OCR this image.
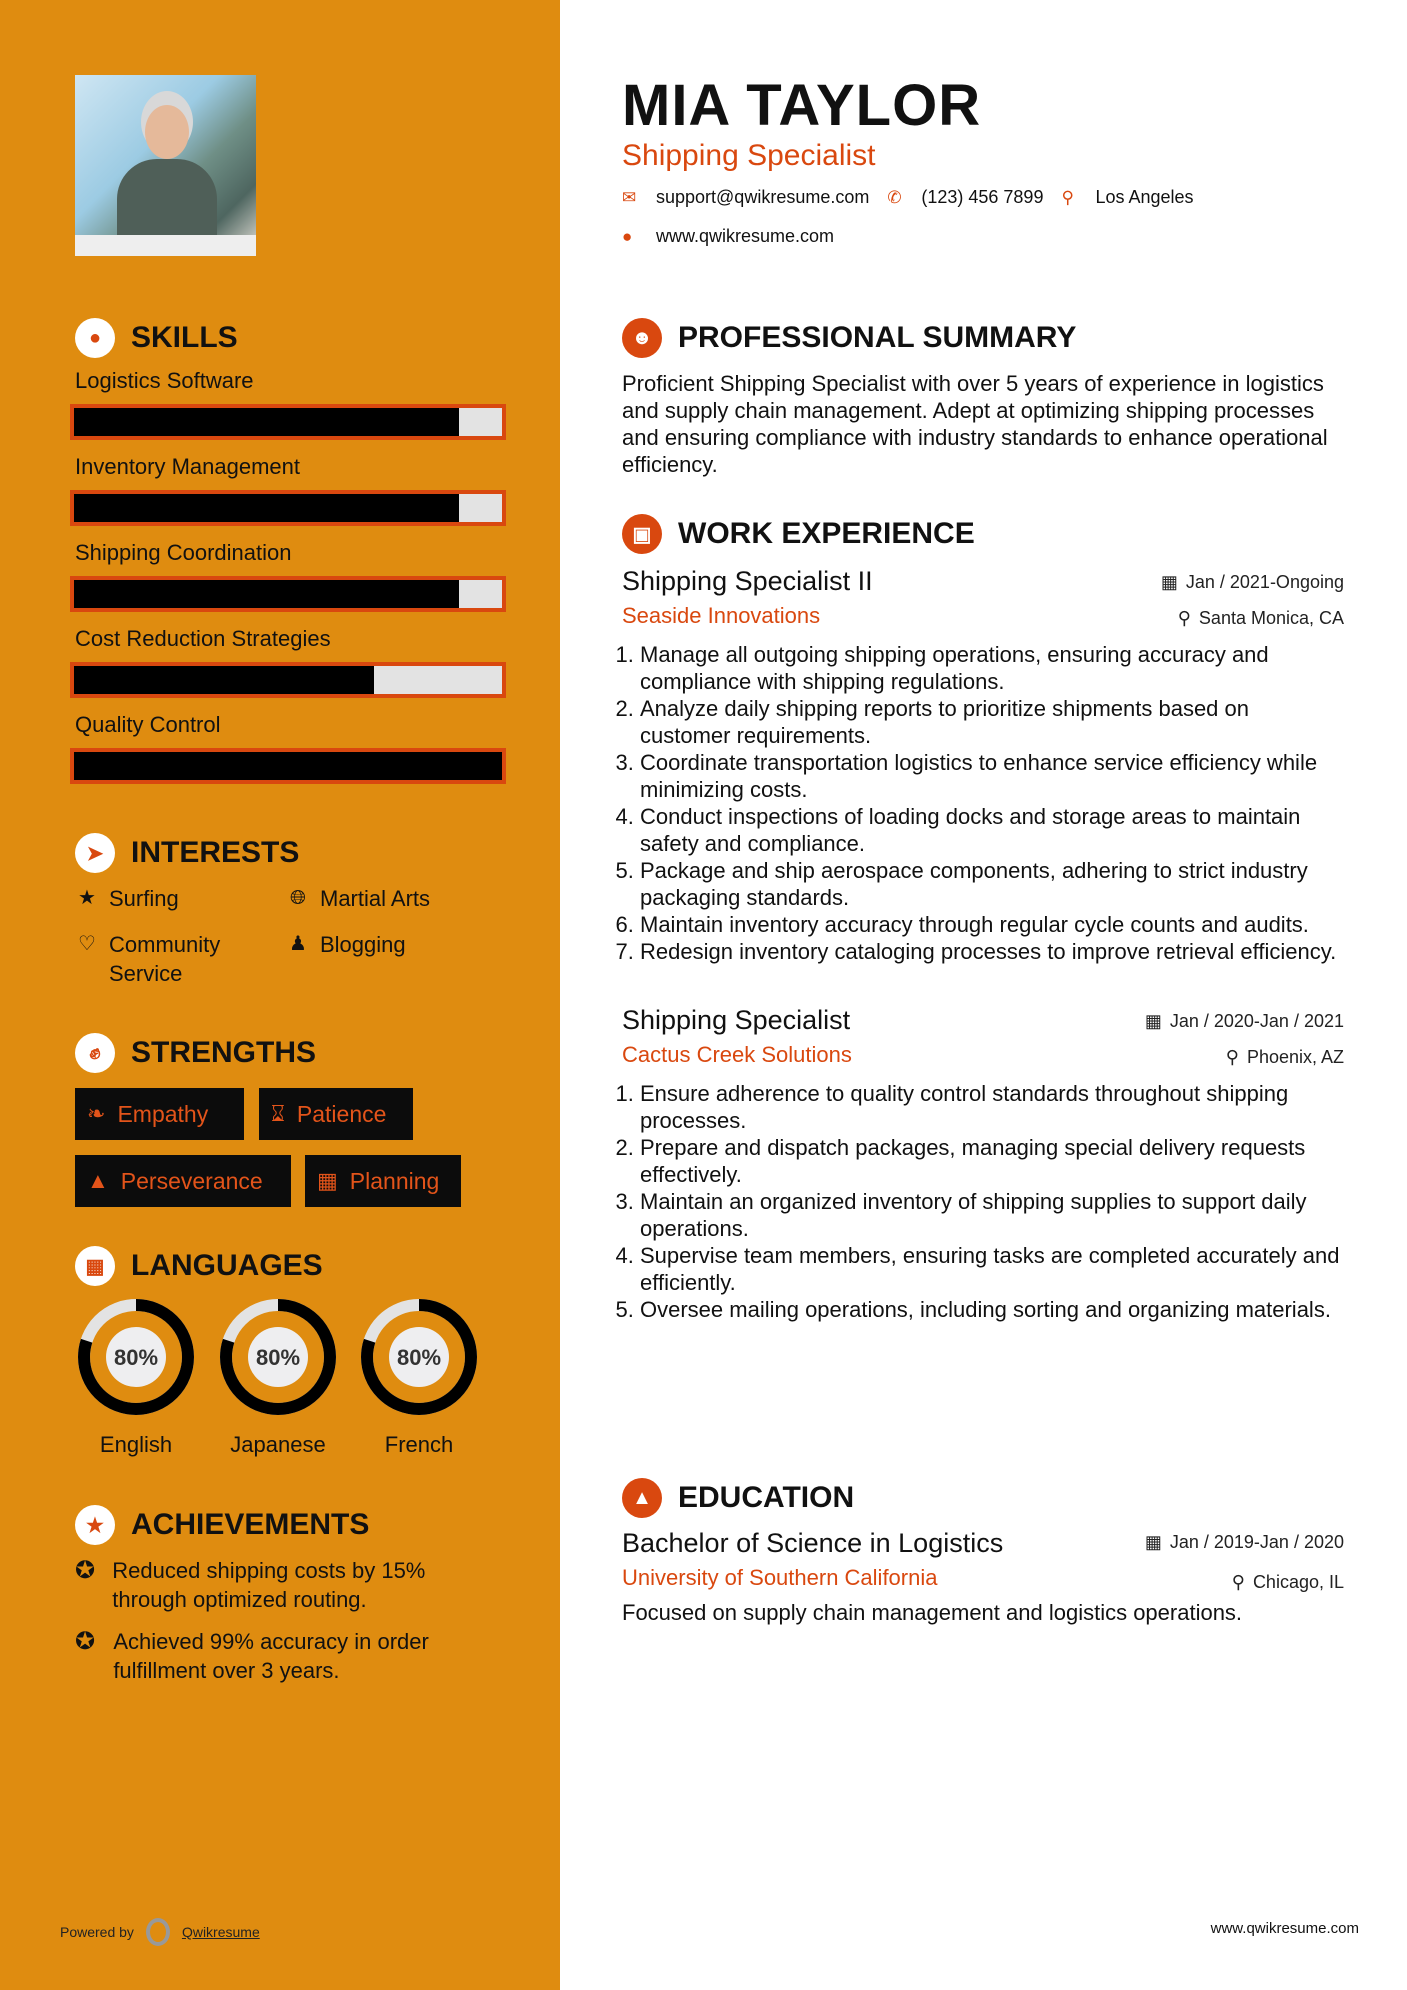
● SKILLS
Logistics Software
Inventory Management
Shipping Coordination
Cost Reduction Strategies
Quality Control
➤ INTERESTS
★ Surfing	🌐︎ Martial Arts
♡ Community Service
♟ Blogging
✊︎	STRENGTHS
❧ Empathy	⌛︎ Patience
▲ Perseverance ▦ Planning
▦ LANGUAGES
80%
English
80%
Japanese
80%
French
★ ACHIEVEMENTS
✪ Reduced shipping costs by 15% through optimized routing.
✪ Achieved 99% accuracy in order fulfillment over 3 years.
Powered by	Qwikresume
MIA TAYLOR
Shipping Specialist
✉	support@qwikresume.com ✆	(123) 456 7899 ⚲	Los Angeles
●	www.qwikresume.com
☻ PROFESSIONAL SUMMARY

Proficient Shipping Specialist with over 5 years of experience in logistics and supply chain management. Adept at optimizing shipping processes and ensuring compliance with industry standards to enhance operational efficiency.

▣ WORK EXPERIENCE
Shipping Specialist II
Seaside Innovations
▦ Jan / 2021-Ongoing
⚲ Santa Monica, CA
1. Manage all outgoing shipping operations, ensuring accuracy and compliance with shipping regulations.
2. Analyze daily shipping reports to prioritize shipments based on customer requirements.
3. Coordinate transportation logistics to enhance service efficiency while minimizing costs.
4. Conduct inspections of loading docks and storage areas to maintain safety and compliance.
5. Package and ship aerospace components, adhering to strict industry packaging standards.
6. Maintain inventory accuracy through regular cycle counts and audits.
7. Redesign inventory cataloging processes to improve retrieval efficiency.
Shipping Specialist
Cactus Creek Solutions
▦ Jan / 2020-Jan / 2021
⚲ Phoenix, AZ
1. Ensure adherence to quality control standards throughout shipping processes.
2. Prepare and dispatch packages, managing special delivery requests effectively.
3. Maintain an organized inventory of shipping supplies to support daily operations.
4. Supervise team members, ensuring tasks are completed accurately and efficiently.
5. Oversee mailing operations, including sorting and organizing materials.
▲ EDUCATION
Bachelor of Science in Logistics
University of Southern California
▦ Jan / 2019-Jan / 2020
⚲ Chicago, IL

Focused on supply chain management and logistics operations.

www.qwikresume.com
